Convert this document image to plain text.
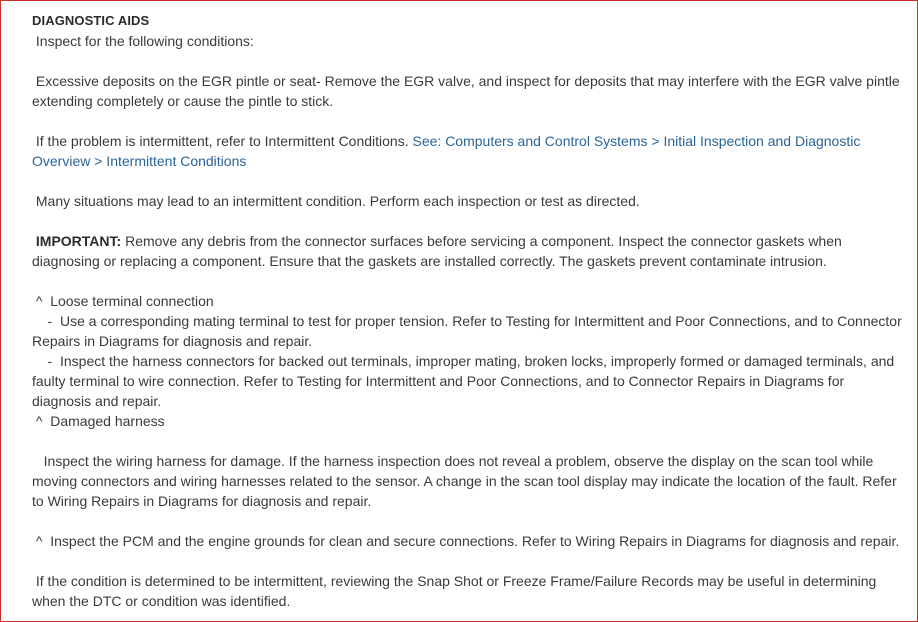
DIAGNOSTIC AIDS
Inspect for the following conditions:
Excessive deposits on the EGR pintle or seat- Remove the EGR valve, and inspect for deposits that may interfere with the EGR valve pintle
extending completely or cause the pintle to stick.
If the problem is intermittent, refer to Intermittent Conditions. See: Computers and Control Systems > Initial Inspection and Diagnostic
Overview > Intermittent Conditions
Many situations may lead to an intermittent condition. Perform each inspection or test as directed.
IMPORTANT: Remove any debris from the connector surfaces before servicing a component. Inspect the connector gaskets when
diagnosing or replacing a component. Ensure that the gaskets are installed correctly. The gaskets prevent contaminate intrusion.
^  Loose terminal connection
-  Use a corresponding mating terminal to test for proper tension. Refer to Testing for Intermittent and Poor Connections, and to Connector
Repairs in Diagrams for diagnosis and repair.
-  Inspect the harness connectors for backed out terminals, improper mating, broken locks, improperly formed or damaged terminals, and
faulty terminal to wire connection. Refer to Testing for Intermittent and Poor Connections, and to Connector Repairs in Diagrams for
diagnosis and repair.
^  Damaged harness
Inspect the wiring harness for damage. If the harness inspection does not reveal a problem, observe the display on the scan tool while
moving connectors and wiring harnesses related to the sensor. A change in the scan tool display may indicate the location of the fault. Refer
to Wiring Repairs in Diagrams for diagnosis and repair.
^  Inspect the PCM and the engine grounds for clean and secure connections. Refer to Wiring Repairs in Diagrams for diagnosis and repair.
If the condition is determined to be intermittent, reviewing the Snap Shot or Freeze Frame/Failure Records may be useful in determining
when the DTC or condition was identified.
